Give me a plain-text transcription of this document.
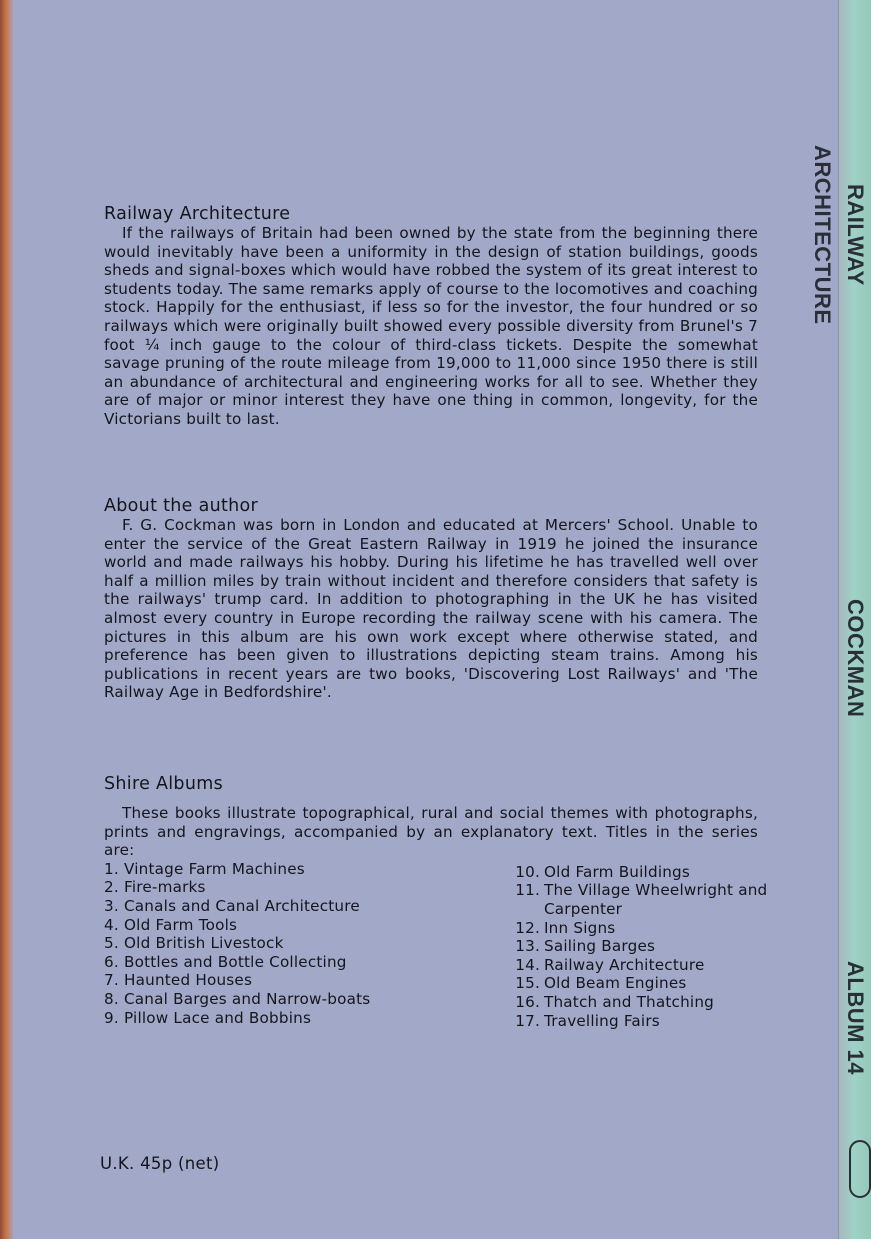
RAILWAY ARCHITECTURE
COCKMAN
ALBUM 14
Railway Architecture

If the railways of Britain had been owned by the state from the beginning there would inevitably have been a uniformity in the design of station buildings, goods sheds and signal-boxes which would have robbed the system of its great interest to students today. The same remarks apply of course to the locomotives and coaching stock. Happily for the enthusiast, if less so for the investor, the four hundred or so railways which were originally built showed every possible diversity from Brunel's 7 foot ¼ inch gauge to the colour of third-class tickets. Despite the somewhat savage pruning of the route mileage from 19,000 to 11,000 since 1950 there is still an abundance of architectural and engineering works for all to see. Whether they are of major or minor interest they have one thing in common, longevity, for the Victorians built to last.

About the author

F. G. Cockman was born in London and educated at Mercers' School. Unable to enter the service of the Great Eastern Railway in 1919 he joined the insurance world and made railways his hobby. During his lifetime he has travelled well over half a million miles by train without incident and therefore considers that safety is the railways' trump card. In addition to photographing in the UK he has visited almost every country in Europe recording the railway scene with his camera. The pictures in this album are his own work except where otherwise stated, and preference has been given to illustrations depicting steam trains. Among his publications in recent years are two books, 'Discovering Lost Railways' and 'The Railway Age in Bedfordshire'.

Shire Albums

These books illustrate topographical, rural and social themes with photographs, prints and engravings, accompanied by an explanatory text. Titles in the series are:

1. Vintage Farm Machines
2. Fire-marks
3. Canals and Canal Architecture
4. Old Farm Tools
5. Old British Livestock
6. Bottles and Bottle Collecting
7. Haunted Houses
8. Canal Barges and Narrow-boats
9. Pillow Lace and Bobbins
10. Old Farm Buildings
11. The Village Wheelwright and Carpenter
12. Inn Signs
13. Sailing Barges
14. Railway Architecture
15. Old Beam Engines
16. Thatch and Thatching
17. Travelling Fairs
U.K. 45p (net)
